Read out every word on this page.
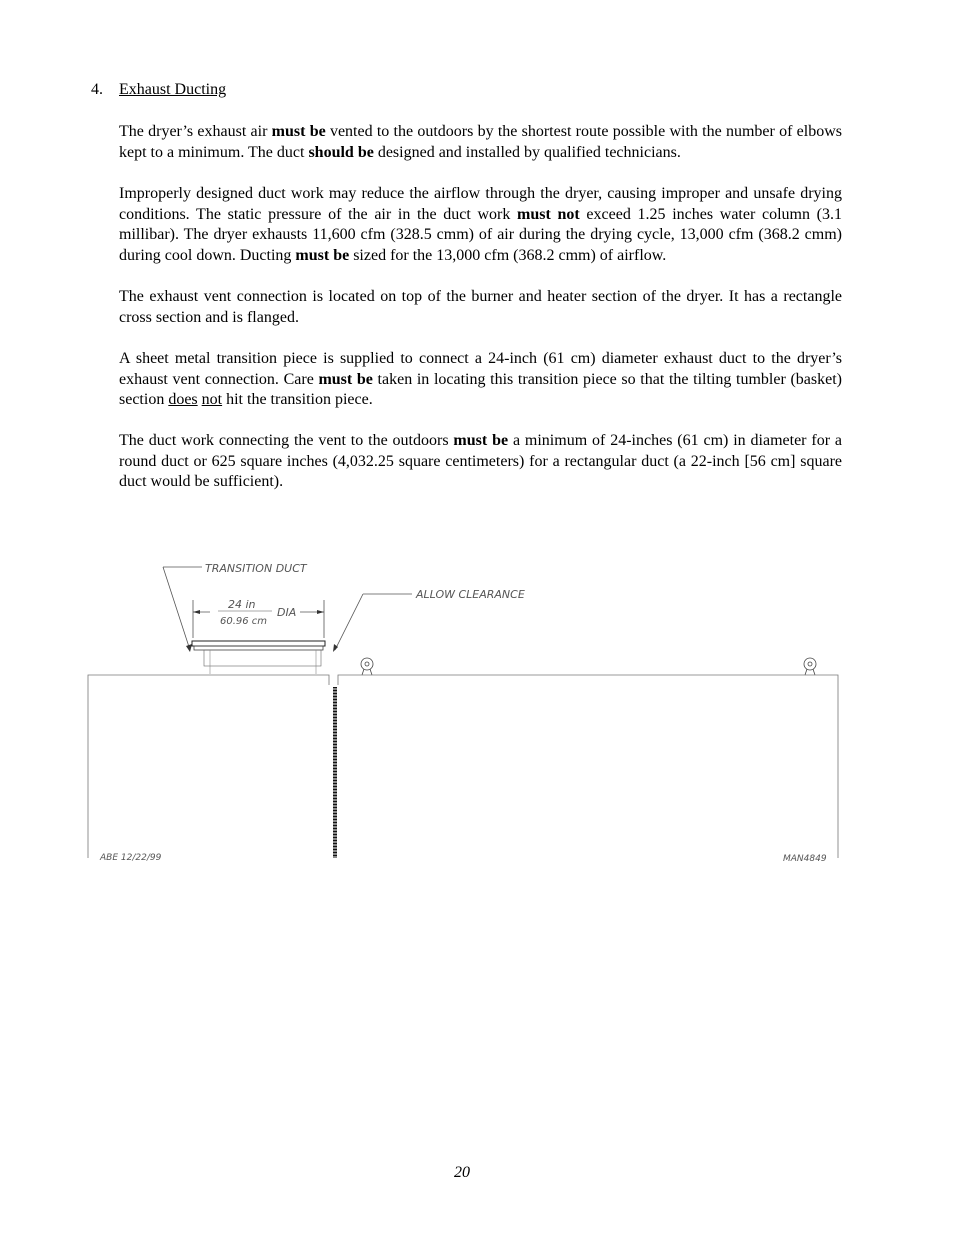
4. Exhaust Ducting

The dryer’s exhaust air must be vented to the outdoors by the shortest route possible with the number of elbows kept to a minimum. The duct should be designed and installed by qualified technicians.

Improperly designed duct work may reduce the airflow through the dryer, causing improper and unsafe drying conditions. The static pressure of the air in the duct work must not exceed 1.25 inches water column (3.1 millibar). The dryer exhausts 11,600 cfm (328.5 cmm) of air during the drying cycle, 13,000 cfm (368.2 cmm) during cool down. Ducting must be sized for the 13,000 cfm (368.2 cmm) of airflow.

The exhaust vent connection is located on top of the burner and heater section of the dryer. It has a rectangle cross section and is flanged.

A sheet metal transition piece is supplied to connect a 24-inch (61 cm) diameter exhaust duct to the dryer’s exhaust vent connection. Care must be taken in locating this transition piece so that the tilting tumbler (basket) section does not hit the transition piece.

The duct work connecting the vent to the outdoors must be a minimum of 24-inches (61 cm) in diameter for a round duct or 625 square inches (4,032.25 square centimeters) for a rectangular duct (a 22-inch [56 cm] square duct would be sufficient).

TRANSITION DUCT
24 in
60.96 cm
DIA
ALLOW CLEARANCE
ABE 12/22/99	MAN4849
20
